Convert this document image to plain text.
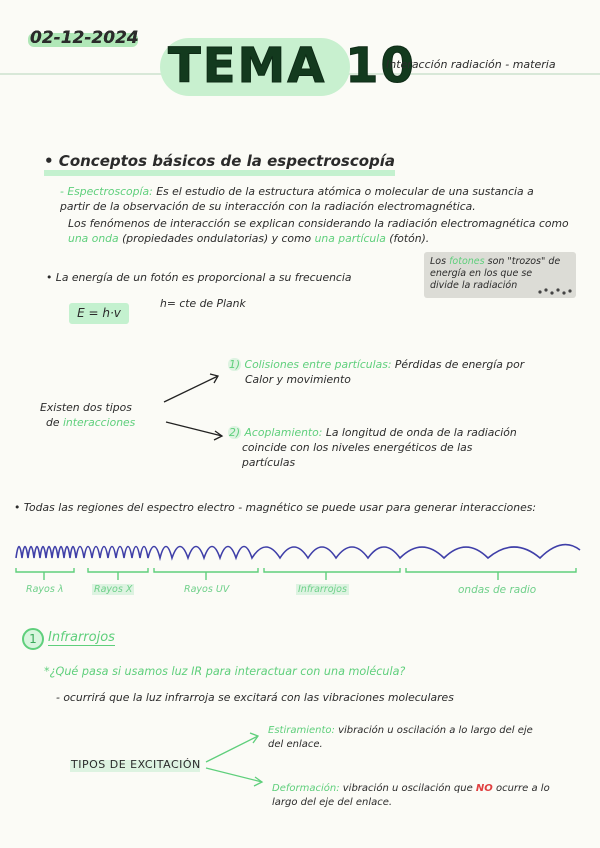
02-12-2024 TEMA 10
Interacción radiación - materia
• Conceptos básicos de la espectroscopía
- Espectroscopía: Es el estudio de la estructura atómica o molecular de una sustancia a
partir de la observación de su interacción con la radiación electromagnética.
Los fenómenos de interacción se explican considerando la radiación electromagnética como
una onda (propiedades ondulatorias) y como una partícula (fotón).
• La energía de un fotón es proporcional a su frecuencia
Los fotones son "trozos" de
energía en los que se
divide la radiación
E = h·v
h= cte de Plank
Existen dos tipos
de interacciones
1) Colisiones entre partículas: Pérdidas de energía por
Calor y movimiento
2) Acoplamiento: La longitud de onda de la radiación
coincide con los niveles energéticos de las
partículas
• Todas las regiones del espectro electro - magnético se puede usar para generar interacciones:
Rayos λ	Rayos X	Rayos UV	Infrarrojos	ondas de radio
1 Infrarrojos
*¿Qué pasa si usamos luz IR para interactuar con una molécula?
- ocurrirá que la luz infrarroja se excitará con las vibraciones moleculares
TIPOS DE EXCITACIÓN
Estiramiento: vibración u oscilación a lo largo del eje
del enlace.
Deformación: vibración u oscilación que NO ocurre a lo
largo del eje del enlace.
